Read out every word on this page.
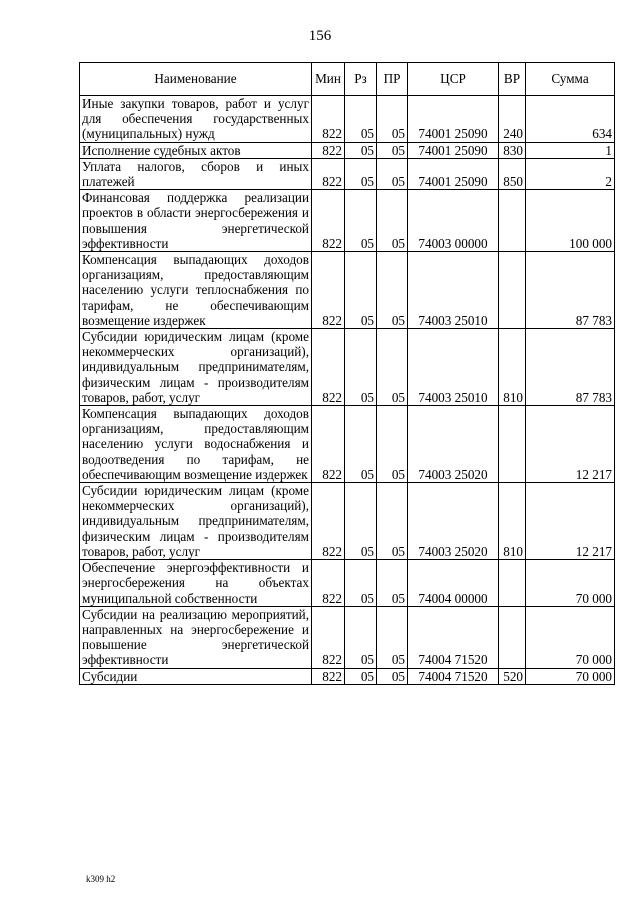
156
Наименование	Мин	Рз	ПР	ЦСР	ВР	Сумма
Иные закупки товаров, работ и услуг для обеспечения государственных (муниципальных) нужд	822	05	05	74001 25090	240	634
Исполнение судебных актов	822	05	05	74001 25090	830	1
Уплата налогов, сборов и иных платежей	822	05	05	74001 25090	850	2
Финансовая поддержка реализации проектов в области энергосбережения и повышения энергетической эффективности	822	05	05	74003 00000		100 000
Компенсация выпадающих доходов организациям, предоставляющим населению услуги теплоснабжения по тарифам, не обеспечивающим возмещение издержек	822	05	05	74003 25010		87 783
Субсидии юридическим лицам (кроме некоммерческих организаций), индивидуальным предпринимателям, физическим лицам - производителям товаров, работ, услуг	822	05	05	74003 25010	810	87 783
Компенсация выпадающих доходов организациям, предоставляющим населению услуги водоснабжения и водоотведения по тарифам, не обеспечивающим возмещение издержек	822	05	05	74003 25020		12 217
Субсидии юридическим лицам (кроме некоммерческих организаций), индивидуальным предпринимателям, физическим лицам - производителям товаров, работ, услуг	822	05	05	74003 25020	810	12 217
Обеспечение энергоэффективности и энергосбережения на объектах муниципальной собственности	822	05	05	74004 00000		70 000
Субсидии на реализацию мероприятий, направленных на энергосбережение и повышение энергетической эффективности	822	05	05	74004 71520		70 000
Субсидии	822	05	05	74004 71520	520	70 000
k309 h2
